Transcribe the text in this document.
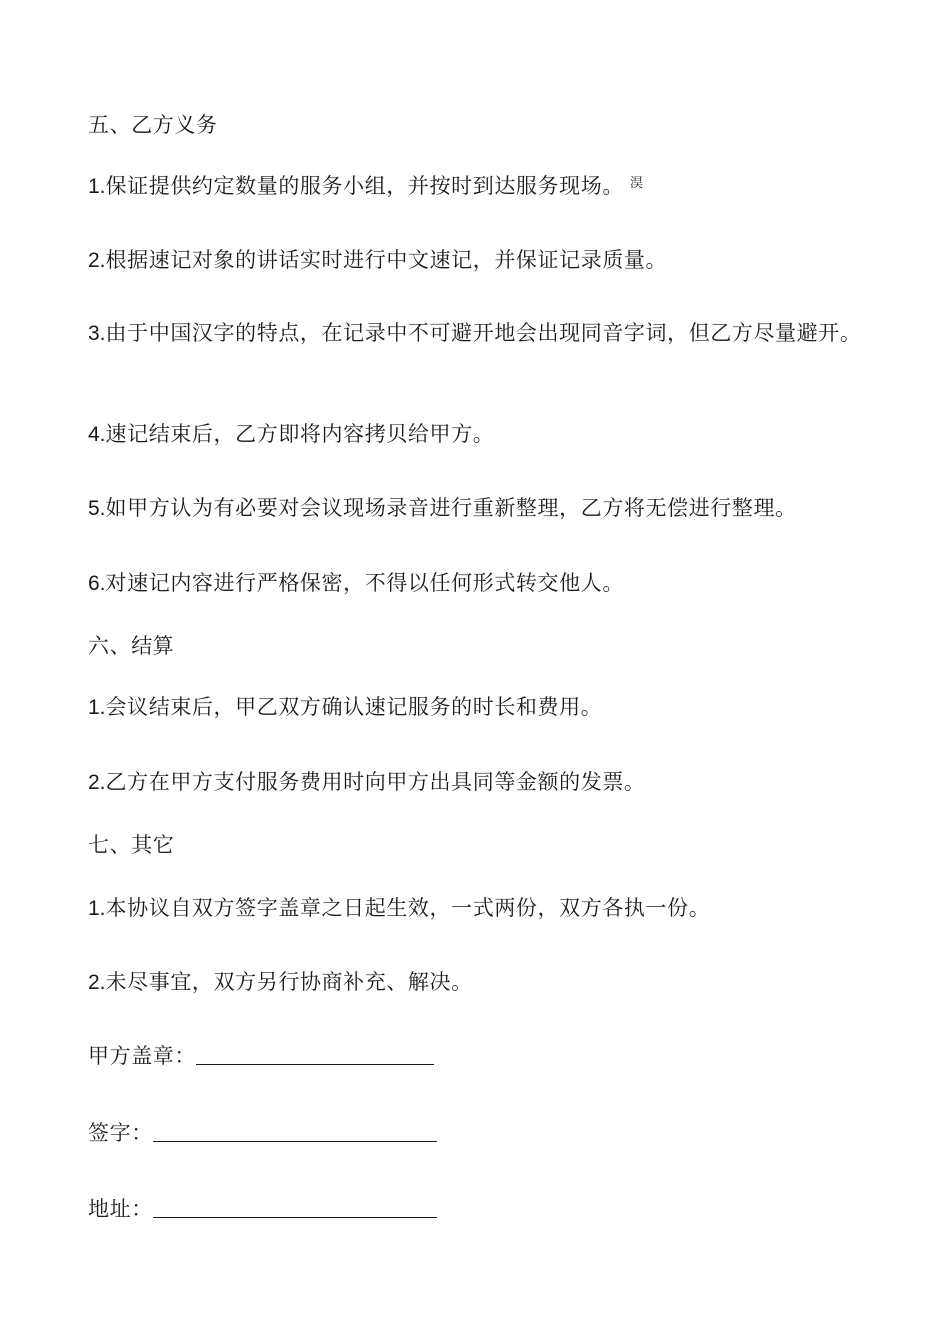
五、乙方义务
1.保证提供约定数量的服务小组，并按时到达服务现场。 $^淏$
2.根据速记对象的讲话实时进行中文速记，并保证记录质量。
3.由于中国汉字的特点，在记录中不可避开地会出现同音字词，但乙方尽量避开。
4.速记结束后，乙方即将内容拷贝给甲方。
5.如甲方认为有必要对会议现场录音进行重新整理，乙方将无偿进行整理。
6.对速记内容进行严格保密，不得以任何形式转交他人。
六、结算
1.会议结束后，甲乙双方确认速记服务的时长和费用。
2.乙方在甲方支付服务费用时向甲方出具同等金额的发票。
七、其它
1.本协议自双方签字盖章之日起生效，一式两份，双方各执一份。
2.未尽事宜，双方另行协商补充、解决。
甲方盖章：
签字：
地址：
